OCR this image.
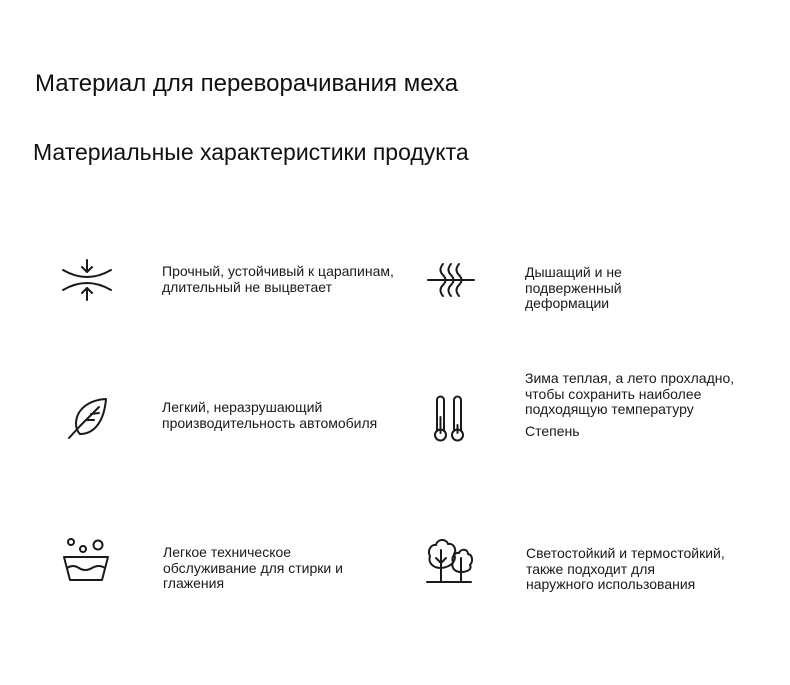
Материал для переворачивания меха
Материальные характеристики продукта
Прочный, устойчивый к царапинам,
длительный не выцветает
Дышащий и не
подверженный
деформации
Легкий, неразрушающий
производительность автомобиля
Зима теплая, а лето прохладно,
чтобы сохранить наиболее
подходящую температуру
Степень
Легкое техническое
обслуживание для стирки и
глажения
Светостойкий и термостойкий,
также подходит для
наружного использования
